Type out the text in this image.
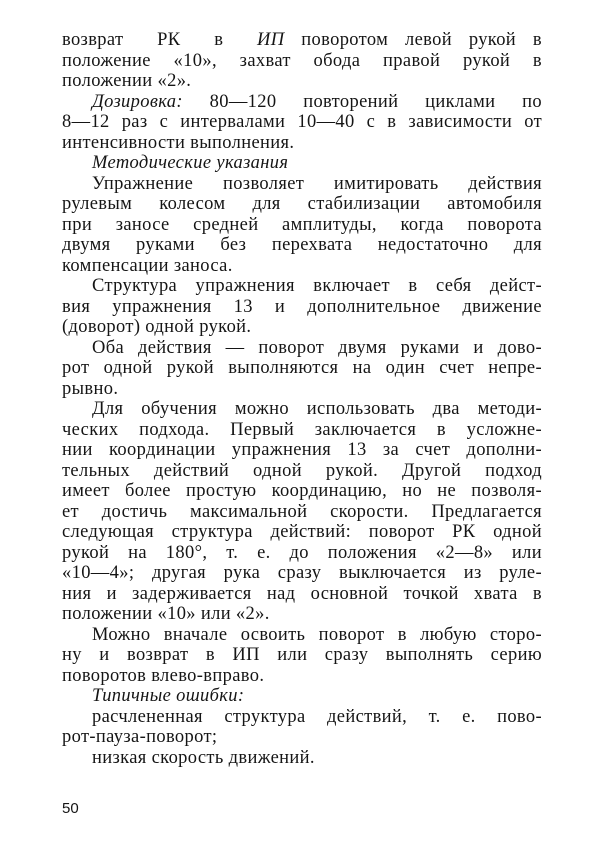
возврат  РК  в  ИП поворотом левой рукой в
положение «10», захват обода правой рукой в
положении «2».
Дозировка: 80—120 повторений циклами по
8—12 раз с интервалами 10—40 с в зависимости от
интенсивности выполнения.
Методические указания
Упражнение позволяет имитировать действия
рулевым колесом для стабилизации автомобиля
при заносе средней амплитуды, когда поворота
двумя руками без перехвата недостаточно для
компенсации заноса.
Структура упражнения включает в себя дейст-
вия упражнения 13 и дополнительное движение
(доворот) одной рукой.
Оба действия — поворот двумя руками и дово-
рот одной рукой выполняются на один счет непре-
рывно.
Для обучения можно использовать два методи-
ческих подхода. Первый заключается в усложне-
нии координации упражнения 13 за счет дополни-
тельных действий одной рукой. Другой подход
имеет более простую координацию, но не позволя-
ет достичь максимальной скорости. Предлагается
следующая структура действий: поворот РК одной
рукой на 180°, т. е. до положения «2—8» или
«10—4»; другая рука сразу выключается из руле-
ния и задерживается над основной точкой хвата в
положении «10» или «2».
Можно вначале освоить поворот в любую сторо-
ну и возврат в ИП или сразу выполнять серию
поворотов влево-вправо.
Типичные ошибки:
расчлененная структура действий, т. е. пово-
рот-пауза-поворот;
низкая скорость движений.
50
